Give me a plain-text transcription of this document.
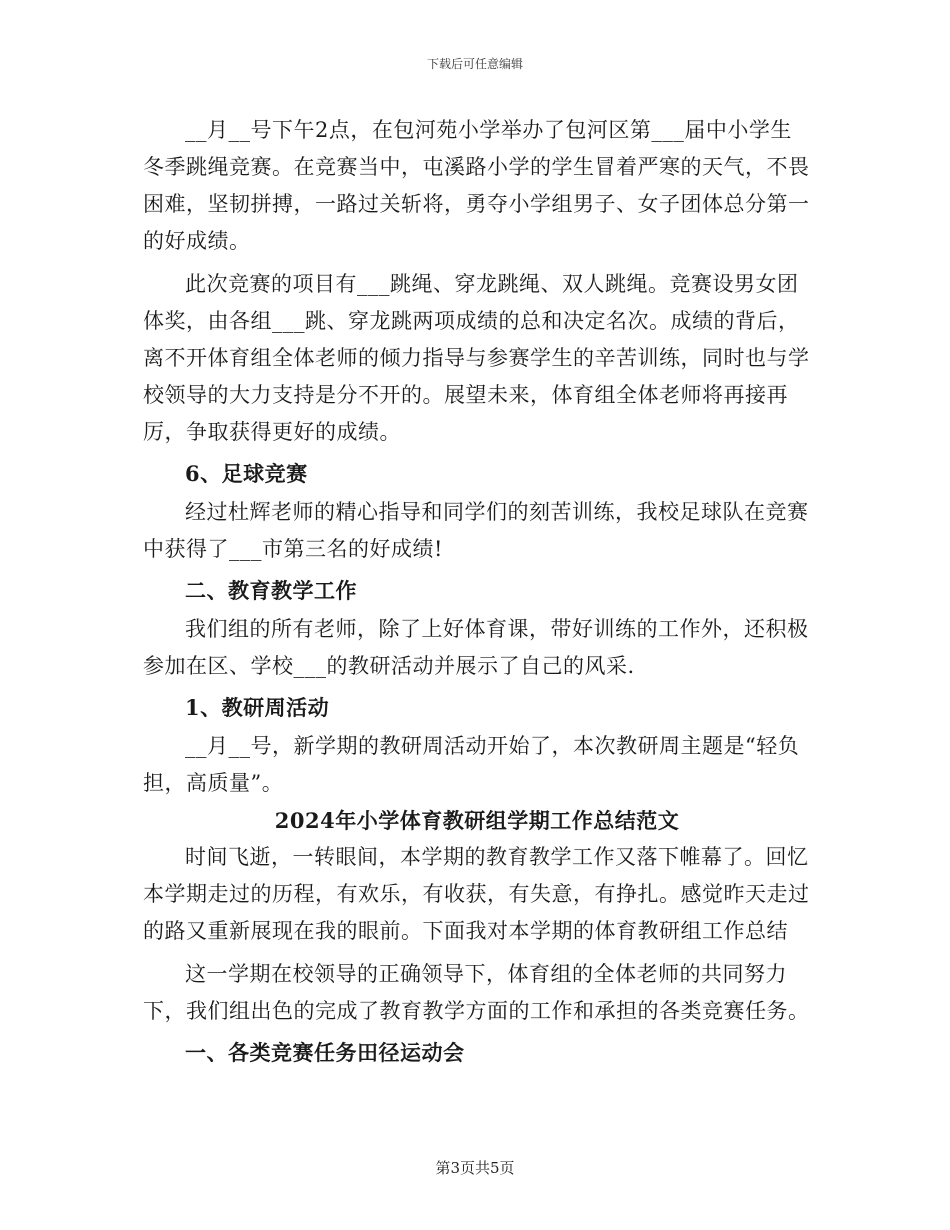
下载后可任意编辑

__月__号下午2点，在包河苑小学举办了包河区第___届中小学生冬季跳绳竞赛。在竞赛当中，屯溪路小学的学生冒着严寒的天气，不畏困难，坚韧拼搏，一路过关斩将，勇夺小学组男子、女子团体总分第一的好成绩。

此次竞赛的项目有___跳绳、穿龙跳绳、双人跳绳。竞赛设男女团体奖，由各组___跳、穿龙跳两项成绩的总和决定名次。成绩的背后，离不开体育组全体老师的倾力指导与参赛学生的辛苦训练，同时也与学校领导的大力支持是分不开的。展望未来，体育组全体老师将再接再厉，争取获得更好的成绩。

6、足球竞赛

经过杜辉老师的精心指导和同学们的刻苦训练，我校足球队在竞赛中获得了___市第三名的好成绩!

二、教育教学工作

我们组的所有老师，除了上好体育课，带好训练的工作外，还积极参加在区、学校___的教研活动并展示了自己的风采.

1、教研周活动

__月__号，新学期的教研周活动开始了，本次教研周主题是“轻负担，高质量”。

2024年小学体育教研组学期工作总结范文

时间飞逝，一转眼间，本学期的教育教学工作又落下帷幕了。回忆本学期走过的历程，有欢乐，有收获，有失意，有挣扎。感觉昨天走过的路又重新展现在我的眼前。下面我对本学期的体育教研组工作总结

这一学期在校领导的正确领导下，体育组的全体老师的共同努力下，我们组出色的完成了教育教学方面的工作和承担的各类竞赛任务。

一、各类竞赛任务田径运动会

第3页共5页
